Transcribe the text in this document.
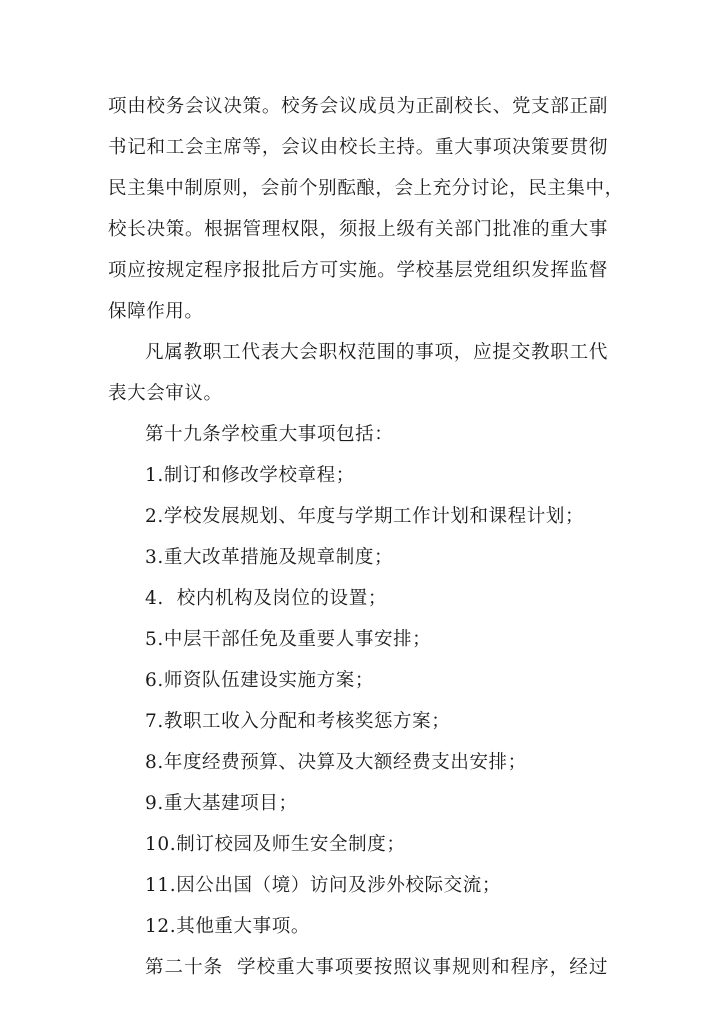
项由校务会议决策。校务会议成员为正副校长、党支部正副
书记和工会主席等，会议由校长主持。重大事项决策要贯彻
民主集中制原则，会前个别酝酿，会上充分讨论，民主集中，
校长决策。根据管理权限，须报上级有关部门批准的重大事
项应按规定程序报批后方可实施。学校基层党组织发挥监督
保障作用。
凡属教职工代表大会职权范围的事项，应提交教职工代
表大会审议。
第十九条学校重大事项包括：
1.制订和修改学校章程；
2.学校发展规划、年度与学期工作计划和课程计划；
3.重大改革措施及规章制度；
4.  校内机构及岗位的设置；
5.中层干部任免及重要人事安排；
6.师资队伍建设实施方案；
7.教职工收入分配和考核奖惩方案；
8.年度经费预算、决算及大额经费支出安排；
9.重大基建项目；
10.制订校园及师生安全制度；
11.因公出国（境）访问及涉外校际交流；
12.其他重大事项。
第二十条  学校重大事项要按照议事规则和程序，经过
